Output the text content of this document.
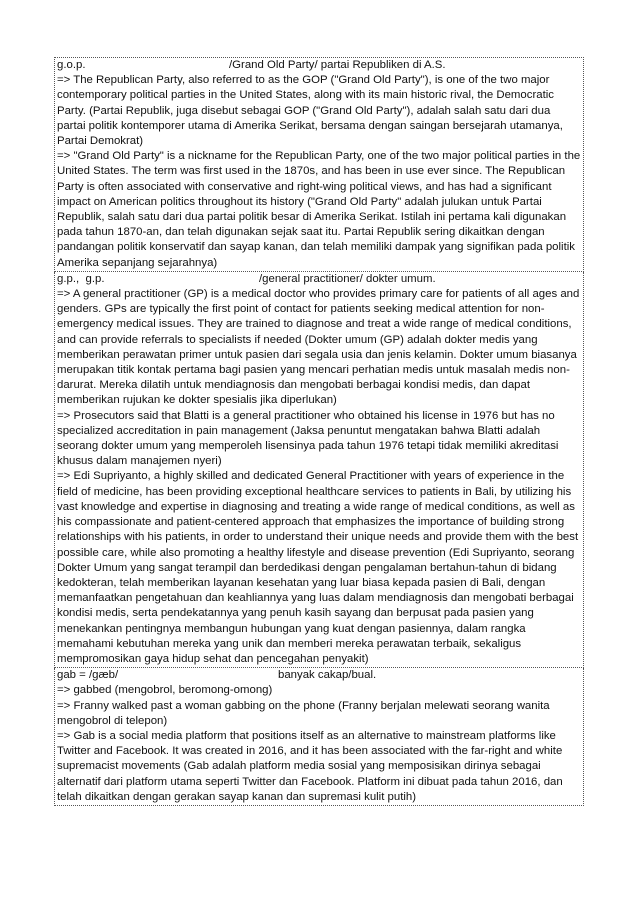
g.o.p.	/Grand Old Party/ partai Republiken di A.S.
=> The Republican Party, also referred to as the GOP ("Grand Old Party"), is one of the two major contemporary political parties in the United States, along with its main historic rival, the Democratic Party. (Partai Republik, juga disebut sebagai GOP ("Grand Old Party"), adalah salah satu dari dua partai politik kontemporer utama di Amerika Serikat, bersama dengan saingan bersejarah utamanya, Partai Demokrat)
=> "Grand Old Party" is a nickname for the Republican Party, one of the two major political parties in the United States. The term was first used in the 1870s, and has been in use ever since. The Republican Party is often associated with conservative and right-wing political views, and has had a significant impact on American politics throughout its history ("Grand Old Party" adalah julukan untuk Partai Republik, salah satu dari dua partai politik besar di Amerika Serikat. Istilah ini pertama kali digunakan pada tahun 1870-an, dan telah digunakan sejak saat itu. Partai Republik sering dikaitkan dengan pandangan politik konservatif dan sayap kanan, dan telah memiliki dampak yang signifikan pada politik Amerika sepanjang sejarahnya)
g.p.,  g.p.	/general practitioner/ dokter umum.
=> A general practitioner (GP) is a medical doctor who provides primary care for patients of all ages and genders. GPs are typically the first point of contact for patients seeking medical attention for non-emergency medical issues. They are trained to diagnose and treat a wide range of medical conditions, and can provide referrals to specialists if needed (Dokter umum (GP) adalah dokter medis yang memberikan perawatan primer untuk pasien dari segala usia dan jenis kelamin. Dokter umum biasanya merupakan titik kontak pertama bagi pasien yang mencari perhatian medis untuk masalah medis non-darurat. Mereka dilatih untuk mendiagnosis dan mengobati berbagai kondisi medis, dan dapat memberikan rujukan ke dokter spesialis jika diperlukan)
=> Prosecutors said that Blatti is a general practitioner who obtained his license in 1976 but has no specialized accreditation in pain management (Jaksa penuntut mengatakan bahwa Blatti adalah seorang dokter umum yang memperoleh lisensinya pada tahun 1976 tetapi tidak memiliki akreditasi khusus dalam manajemen nyeri)
=> Edi Supriyanto, a highly skilled and dedicated General Practitioner with years of experience in the field of medicine, has been providing exceptional healthcare services to patients in Bali, by utilizing his vast knowledge and expertise in diagnosing and treating a wide range of medical conditions, as well as his compassionate and patient-centered approach that emphasizes the importance of building strong relationships with his patients, in order to understand their unique needs and provide them with the best possible care, while also promoting a healthy lifestyle and disease prevention (Edi Supriyanto, seorang Dokter Umum yang sangat terampil dan berdedikasi dengan pengalaman bertahun-tahun di bidang kedokteran, telah memberikan layanan kesehatan yang luar biasa kepada pasien di Bali, dengan memanfaatkan pengetahuan dan keahliannya yang luas dalam mendiagnosis dan mengobati berbagai kondisi medis, serta pendekatannya yang penuh kasih sayang dan berpusat pada pasien yang menekankan pentingnya membangun hubungan yang kuat dengan pasiennya, dalam rangka memahami kebutuhan mereka yang unik dan memberi mereka perawatan terbaik, sekaligus mempromosikan gaya hidup sehat dan pencegahan penyakit)
gab = /gæb/	banyak cakap/bual.
=> gabbed (mengobrol, beromong-omong)
=> Franny walked past a woman gabbing on the phone (Franny berjalan melewati seorang wanita mengobrol di telepon)
=> Gab is a social media platform that positions itself as an alternative to mainstream platforms like Twitter and Facebook. It was created in 2016, and it has been associated with the far-right and white supremacist movements (Gab adalah platform media sosial yang memposisikan dirinya sebagai alternatif dari platform utama seperti Twitter dan Facebook. Platform ini dibuat pada tahun 2016, dan telah dikaitkan dengan gerakan sayap kanan dan supremasi kulit putih)
